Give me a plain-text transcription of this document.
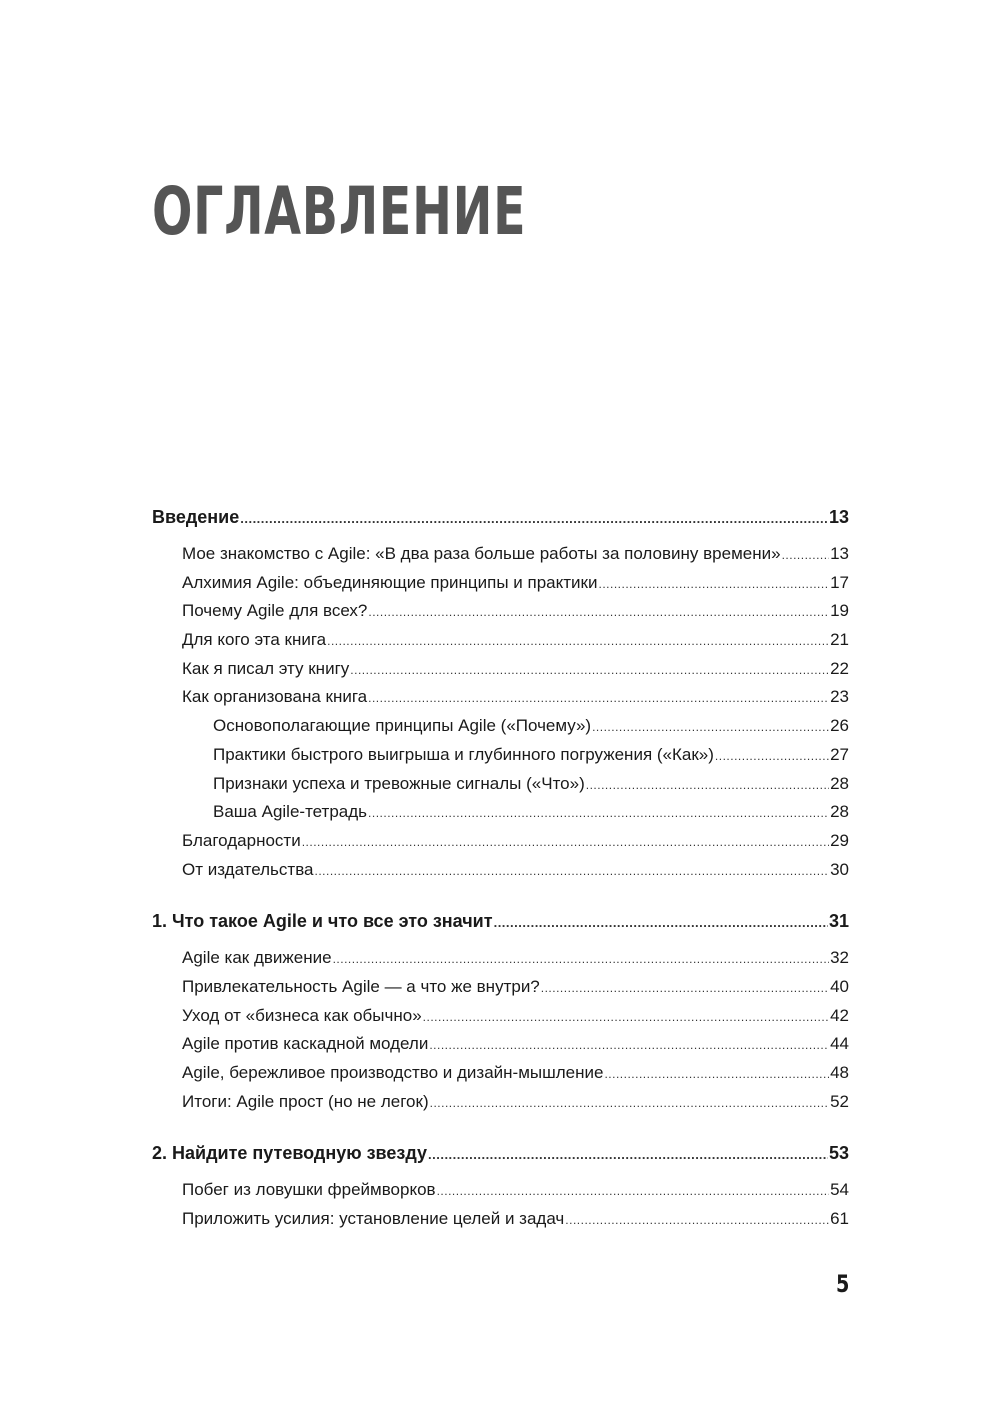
ОГЛАВЛЕНИЕ
Введение .....	13
Мое знакомство с Agile: «В два раза больше работы за половину времени» .....	13
Алхимия Agile: объединяющие принципы и практики .....	17
Почему Agile для всех? .....	19
Для кого эта книга .....	21
Как я писал эту книгу .....	22
Как организована книга .....	23
Основополагающие принципы Agile («Почему») .....	26
Практики быстрого выигрыша и глубинного погружения («Как») .....	27
Признаки успеха и тревожные сигналы («Что») .....	28
Ваша Agile-тетрадь .....	28
Благодарности .....	29
От издательства .....	30
1. Что такое Agile и что все это значит .....	31
Agile как движение .....	32
Привлекательность Agile — а что же внутри? .....	40
Уход от «бизнеса как обычно» .....	42
Agile против каскадной модели .....	44
Agile, бережливое производство и дизайн-мышление .....	48
Итоги: Agile прост (но не легок) .....	52
2. Найдите путеводную звезду .....	53
Побег из ловушки фреймворков .....	54
Приложить усилия: установление целей и задач .....	61
5
